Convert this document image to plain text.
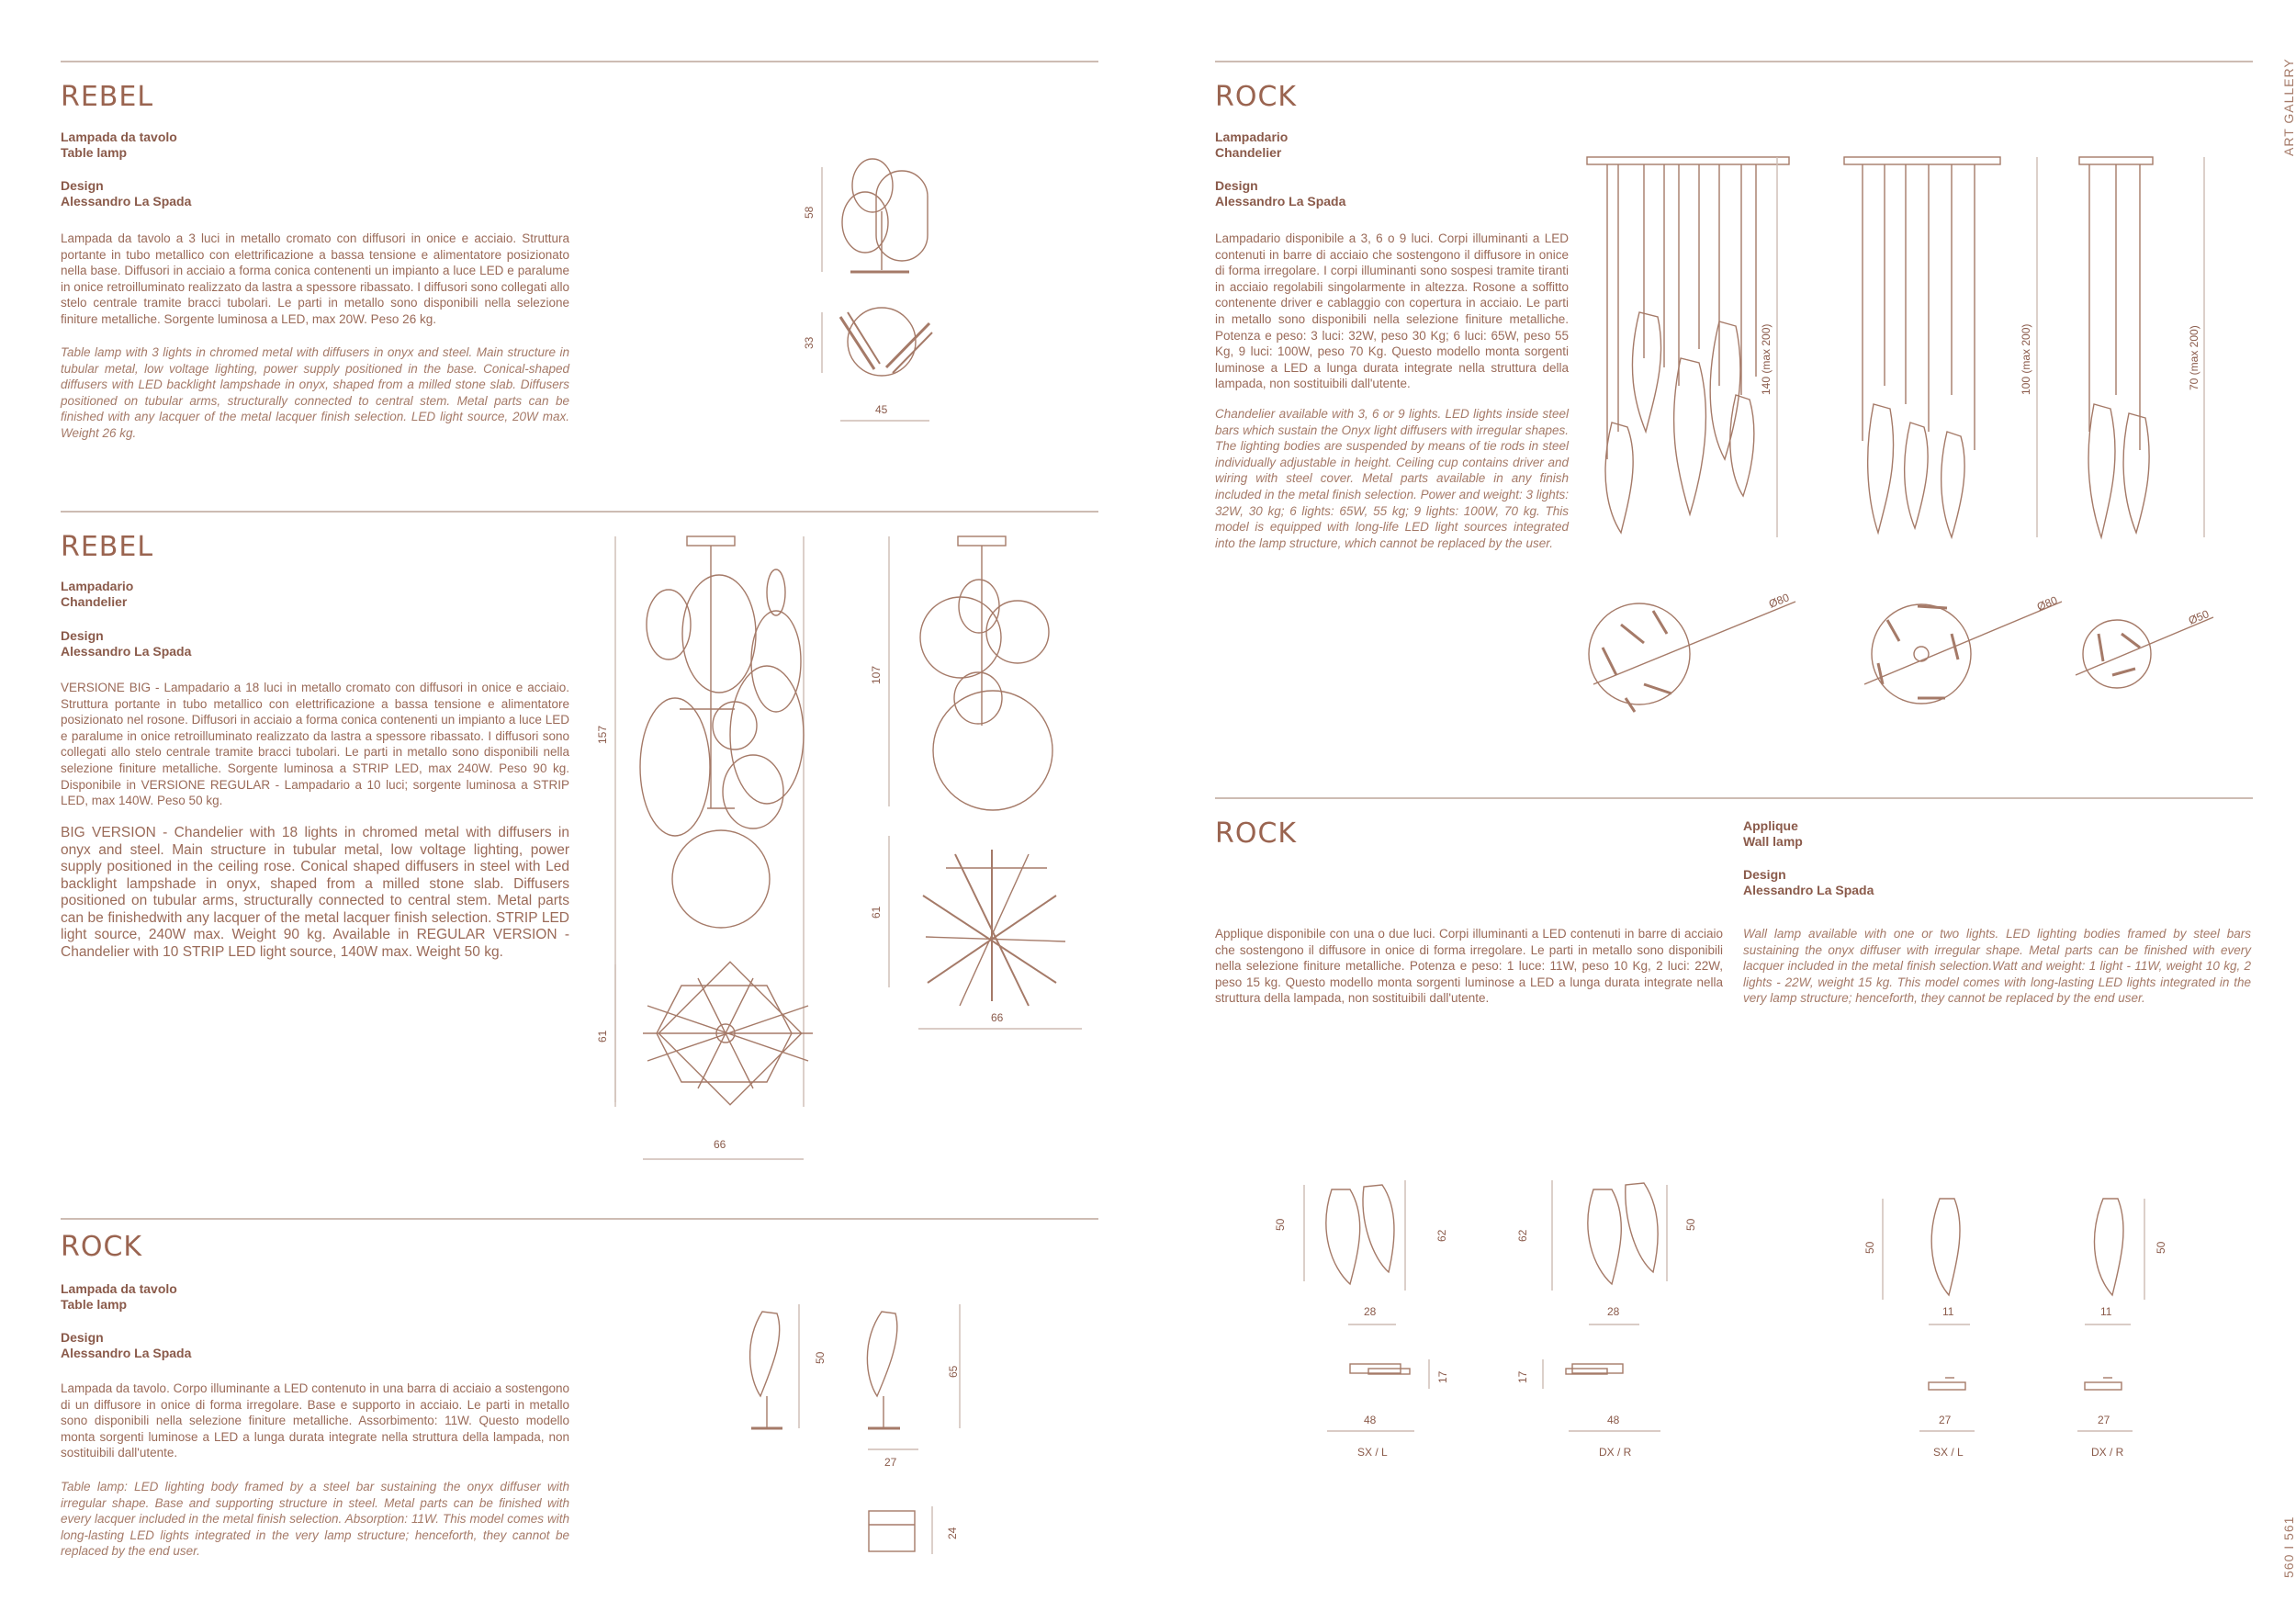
ART GALLERY
560 I 561
REBEL
Lampada da tavolo
Table lamp
Design
Alessandro La Spada
Lampada da tavolo a 3 luci in metallo cromato con diffusori in onice e acciaio. Struttura portante in tubo metallico con elettrificazione a bassa tensione e alimentatore posizionato nella base. Diffusori in acciaio a forma conica contenenti un impianto a luce LED e paralume in onice retroilluminato realizzato da lastra a spessore ribassato. I diffusori sono collegati allo stelo centrale tramite bracci tubolari. Le parti in metallo sono disponibili nella selezione finiture metalliche. Sorgente luminosa a LED, max 20W. Peso 26 kg.
Table lamp with 3 lights in chromed metal with diffusers in onyx and steel. Main structure in tubular metal, low voltage lighting, power supply positioned in the base. Conical-shaped diffusers with LED backlight lampshade in onyx, shaped from a milled stone slab. Diffusers positioned on tubular arms, structurally connected to central stem. Metal parts can be finished with any lacquer of the metal lacquer finish selection. LED light source, 20W max. Weight 26 kg.
REBEL
Lampadario
Chandelier
Design
Alessandro La Spada
VERSIONE BIG - Lampadario a 18 luci in metallo cromato con diffusori in onice e acciaio. Struttura portante in tubo metallico con elettrificazione a bassa tensione e alimentatore posizionato nel rosone. Diffusori in acciaio a forma conica contenenti un impianto a luce LED e paralume in onice retroilluminato realizzato da lastra a spessore ribassato. I diffusori sono collegati allo stelo centrale tramite bracci tubolari. Le parti in metallo sono disponibili nella selezione finiture metalliche. Sorgente luminosa a STRIP LED, max 240W. Peso 90 kg. Disponibile in VERSIONE REGULAR - Lampadario a 10 luci; sorgente luminosa a STRIP LED, max 140W. Peso 50 kg.
BIG VERSION - Chandelier with 18 lights in chromed metal with diffusers in onyx and steel. Main structure in tubular metal, low voltage lighting, power supply positioned in the ceiling rose. Conical shaped diffusers in steel with Led backlight lampshade in onyx, shaped from a milled stone slab. Diffusers positioned on tubular arms, structurally connected to central stem. Metal parts can be finishedwith any lacquer of the metal lacquer finish selection. STRIP LED light source, 240W max. Weight 90 kg. Available in REGULAR VERSION - Chandelier with 10 STRIP LED light source, 140W max. Weight 50 kg.
ROCK
Lampada da tavolo
Table lamp
Design
Alessandro La Spada
Lampada da tavolo. Corpo illuminante a LED contenuto in una barra di acciaio a sostengono di un diffusore in onice di forma irregolare. Base e supporto in acciaio. Le parti in metallo sono disponibili nella selezione finiture metalliche. Assorbimento: 11W. Questo modello monta sorgenti luminose a LED a lunga durata integrate nella struttura della lampada, non sostituibili dall'utente.
Table lamp: LED lighting body framed by a steel bar sustaining the onyx diffuser with irregular shape. Base and supporting structure in steel. Metal parts can be finished with every lacquer included in the metal finish selection. Absorption: 11W. This model comes with long-lasting LED lights integrated in the very lamp structure; henceforth, they cannot be replaced by the end user.
ROCK
Lampadario
Chandelier
Design
Alessandro La Spada
Lampadario disponibile a 3, 6 o 9 luci. Corpi illuminanti a LED contenuti in barre di acciaio che sostengono il diffusore in onice di forma irregolare. I corpi illuminanti sono sospesi tramite tiranti in acciaio regolabili singolarmente in altezza. Rosone a soffitto contenente driver e cablaggio con copertura in acciaio. Le parti in metallo sono disponibili nella selezione finiture metalliche. Potenza e peso: 3 luci: 32W, peso 30 Kg; 6 luci: 65W, peso 55 Kg, 9 luci: 100W, peso 70 Kg. Questo modello monta sorgenti luminose a LED a lunga durata integrate nella struttura della lampada, non sostituibili dall'utente.
Chandelier available with 3, 6 or 9 lights. LED lights inside steel bars which sustain the Onyx light diffusers with irregular shapes. The lighting bodies are suspended by means of tie rods in steel individually adjustable in height. Ceiling cup contains driver and wiring with steel cover. Metal parts available in any finish included in the metal finish selection. Power and weight: 3 lights: 32W, 30 kg; 6 lights: 65W, 55 kg; 9 lights: 100W, 70 kg. This model is equipped with long-life LED light sources integrated into the lamp structure, which cannot be replaced by the user.
ROCK	Applique
Wall lamp
Design
Alessandro La Spada
Applique disponibile con una o due luci. Corpi illuminanti a LED contenuti in barre di acciaio che sostengono il diffusore in onice di forma irregolare. Le parti in metallo sono disponibili nella selezione finiture metalliche. Potenza e peso: 1 luce: 11W, peso 10 Kg, 2 luci: 22W, peso 15 kg. Questo modello monta sorgenti luminose a LED a lunga durata integrate nella struttura della lampada, non sostituibili dall'utente.
Wall lamp available with one or two lights. LED lighting bodies framed by steel bars sustaining the onyx diffuser with irregular shape. Metal parts can be finished with every lacquer included in the metal finish selection.Watt and weight: 1 light - 11W, weight 10 kg, 2 lights - 22W, weight 15 kg. This model comes with long-lasting LED lights integrated in the very lamp structure; henceforth, they cannot be replaced by the end user.
58
33
45
157
61
66
107
61
66
50
65
27
24
140 (max 200)	100 (max 200)	70 (max 200)
Ø80	Ø80
Ø50
50
62
28
17
48
SX / L
62
50
28
17
48
DX / R
50
11
27
SX / L
50
11
27
DX / R
